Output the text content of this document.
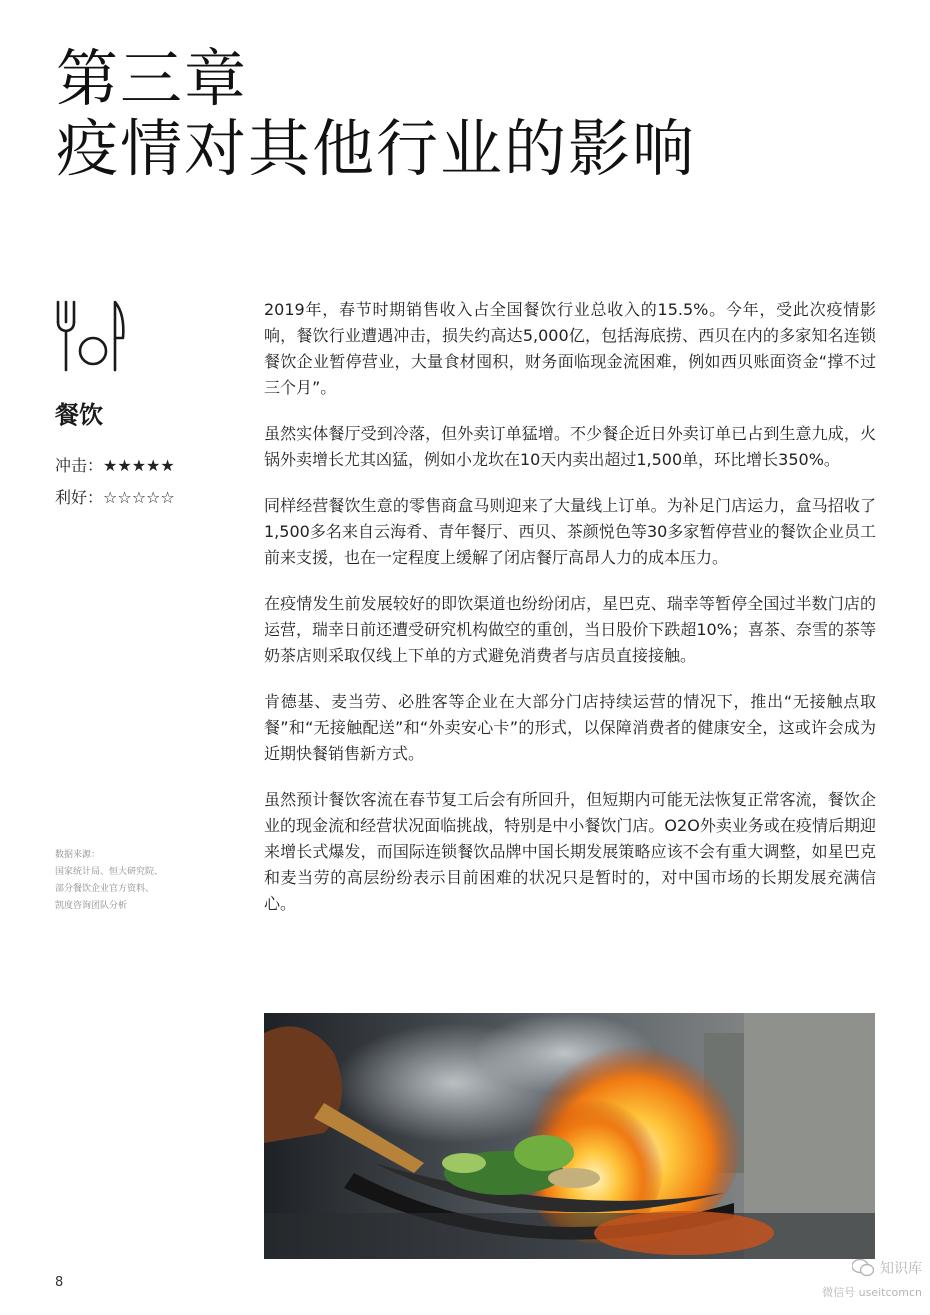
第三章
疫情对其他行业的影响
餐饮
冲击：★★★★★
利好：☆☆☆☆☆
数据来源：
国家统计局、恒大研究院、
部分餐饮企业官方资料、
凯度咨询团队分析

2019年，春节时期销售收入占全国餐饮行业总收入的15.5%。今年，受此次疫情影响，餐饮行业遭遇冲击，损失约高达5,000亿，包括海底捞、西贝在内的多家知名连锁餐饮企业暂停营业，大量食材囤积，财务面临现金流困难，例如西贝账面资金“撑不过三个月”。

虽然实体餐厅受到冷落，但外卖订单猛增。不少餐企近日外卖订单已占到生意九成，火锅外卖增长尤其凶猛，例如小龙坎在10天内卖出超过1,500单，环比增长350%。

同样经营餐饮生意的零售商盒马则迎来了大量线上订单。为补足门店运力，盒马招收了1,500多名来自云海肴、青年餐厅、西贝、茶颜悦色等30多家暂停营业的餐饮企业员工前来支援，也在一定程度上缓解了闭店餐厅高昂人力的成本压力。

在疫情发生前发展较好的即饮渠道也纷纷闭店，星巴克、瑞幸等暂停全国过半数门店的运营，瑞幸日前还遭受研究机构做空的重创，当日股价下跌超10%；喜茶、奈雪的茶等奶茶店则采取仅线上下单的方式避免消费者与店员直接接触。

肯德基、麦当劳、必胜客等企业在大部分门店持续运营的情况下，推出“无接触点取餐”和“无接触配送”和“外卖安心卡”的形式，以保障消费者的健康安全，这或许会成为近期快餐销售新方式。

虽然预计餐饮客流在春节复工后会有所回升，但短期内可能无法恢复正常客流，餐饮企业的现金流和经营状况面临挑战，特别是中小餐饮门店。O2O外卖业务或在疫情后期迎来增长式爆发，而国际连锁餐饮品牌中国长期发展策略应该不会有重大调整，如星巴克和麦当劳的高层纷纷表示目前困难的状况只是暂时的，对中国市场的长期发展充满信心。

8
知识库
微信号 useitcomcn
